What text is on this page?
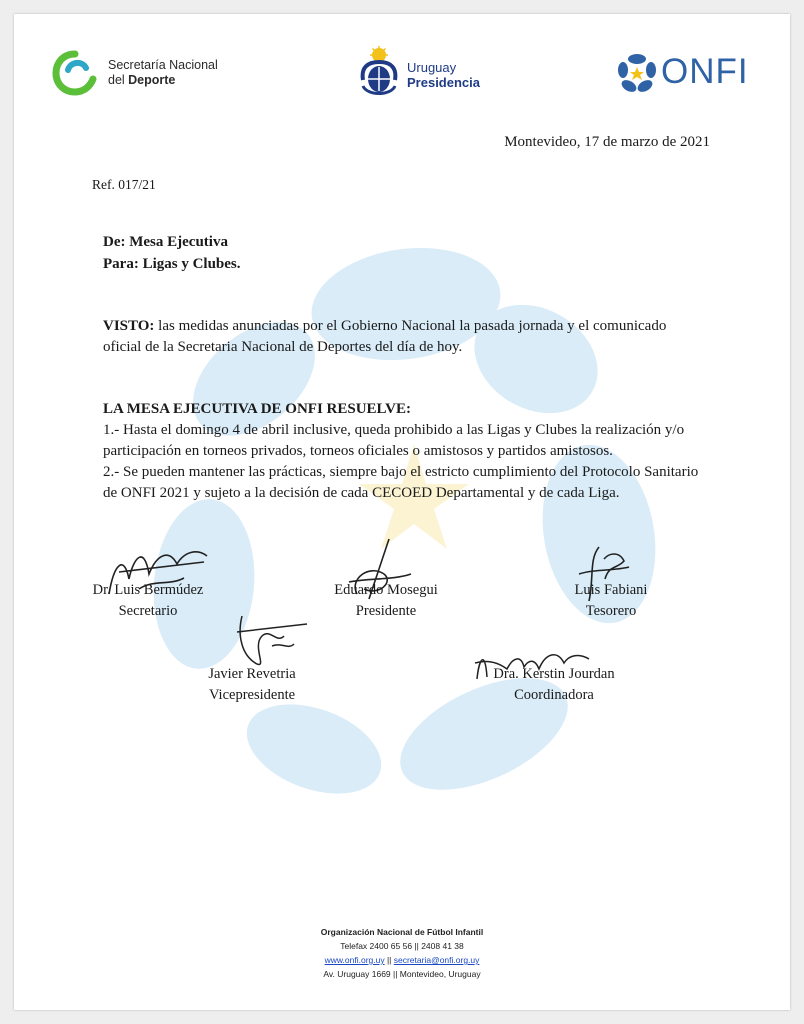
Secretaría Nacional
del Deporte
Uruguay
Presidencia	ONFI
Montevideo, 17 de marzo de 2021
Ref. 017/21
De: Mesa Ejecutiva
Para: Ligas y Clubes.
VISTO: las medidas anunciadas por el Gobierno Nacional la pasada jornada y el comunicado
oficial de la Secretaria Nacional de Deportes del día de hoy.
LA MESA EJECUTIVA DE ONFI RESUELVE:
1.- Hasta el domingo 4 de abril inclusive, queda prohibido a las Ligas y Clubes la realización y/o
participación en torneos privados, torneos oficiales o amistosos y partidos amistosos.
2.- Se pueden mantener las prácticas, siempre bajo el estricto cumplimiento del Protocolo Sanitario
de ONFI 2021 y sujeto a la decisión de cada CECOED Departamental y de cada Liga.
Dr. Luis Bermúdez
Secretario
Eduardo Mosegui
Presidente
Luis Fabiani
Tesorero
Javier Revetria
Vicepresidente
Dra. Kerstin Jourdan
Coordinadora
Organización Nacional de Fútbol Infantil
Telefax 2400 65 56 || 2408 41 38
www.onfi.org.uy || secretaria@onfi.org.uy
Av. Uruguay 1669 || Montevideo, Uruguay
